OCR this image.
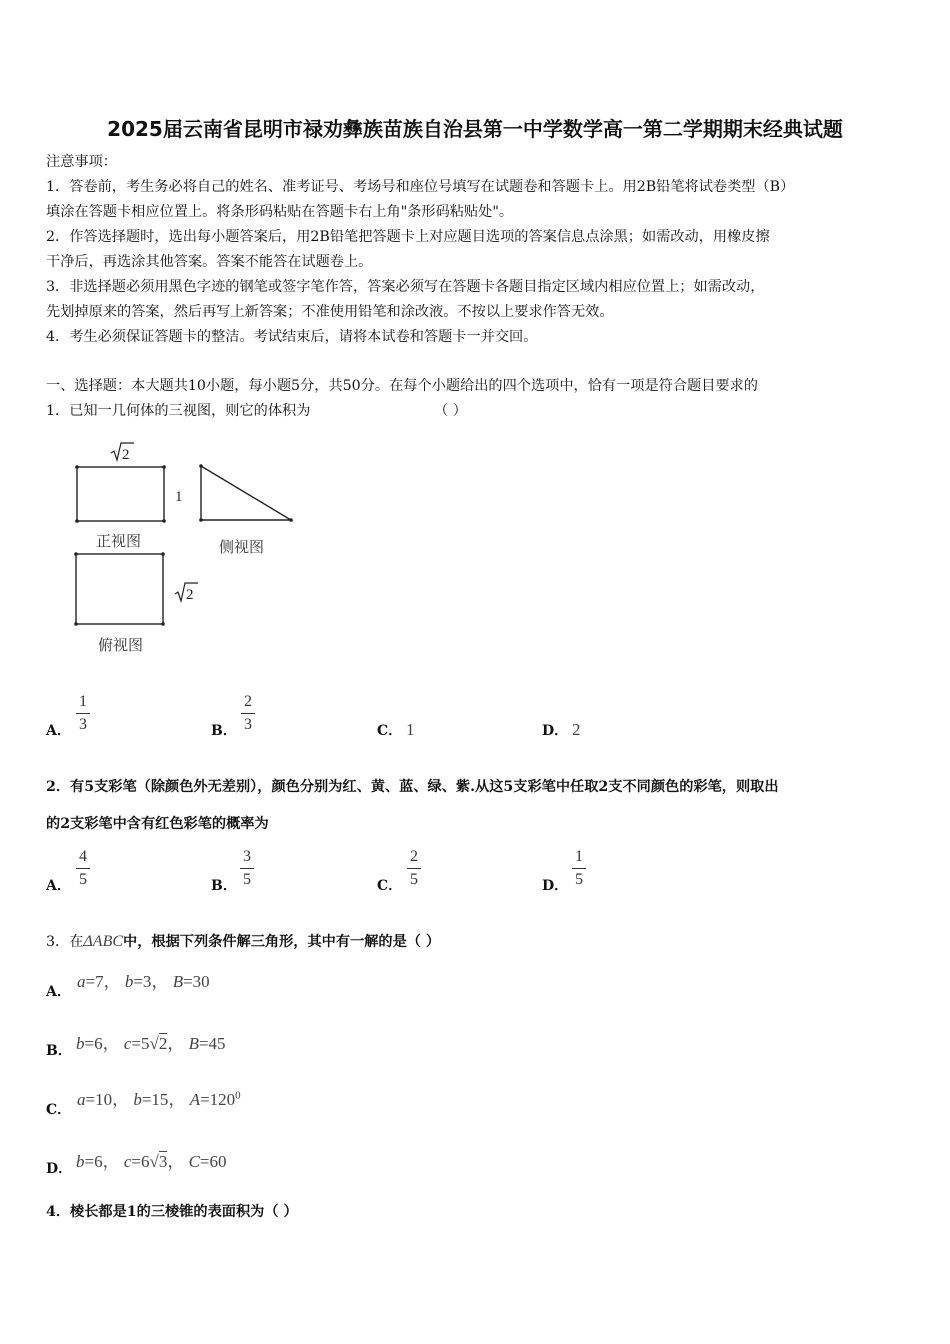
2025届云南省昆明市禄劝彝族苗族自治县第一中学数学高一第二学期期末经典试题
注意事项：
1．答卷前，考生务必将自己的姓名、准考证号、考场号和座位号填写在试题卷和答题卡上。用2B铅笔将试卷类型（B）
填涂在答题卡相应位置上。将条形码粘贴在答题卡右上角"条形码粘贴处"。
2．作答选择题时，选出每小题答案后，用2B铅笔把答题卡上对应题目选项的答案信息点涂黑；如需改动，用橡皮擦
干净后，再选涂其他答案。答案不能答在试题卷上。
3．非选择题必须用黑色字迹的钢笔或签字笔作答，答案必须写在答题卡各题目指定区域内相应位置上；如需改动，
先划掉原来的答案，然后再写上新答案；不准使用铅笔和涂改液。不按以上要求作答无效。
4．考生必须保证答题卡的整洁。考试结束后，请将本试卷和答题卡一并交回。
一、选择题：本大题共10小题，每小题5分，共50分。在每个小题给出的四个选项中，恰有一项是符合题目要求的
1．已知一几何体的三视图，则它的体积为	（ ）
2
1
2
正视图	侧视图
俯视图
A．
1
3	B．
2
3	C． 1	D． 2
2．有5支彩笔（除颜色外无差别），颜色分别为红、黄、蓝、绿、紫.从这5支彩笔中任取2支不同颜色的彩笔，则取出
的2支彩笔中含有红色彩笔的概率为
A．
4
5	B．
3
5	C．
2
5	D．
1
5
3．在ΔABC中，根据下列条件解三角形，其中有一解的是（ ）
A．
a=7， b=3， B=30
B． b=6， c=5√2， B=45
C．
a=10， b=15， $A=120^0$
D． b=6， c=6√3， C=60
4．棱长都是1的三棱锥的表面积为（ ）
